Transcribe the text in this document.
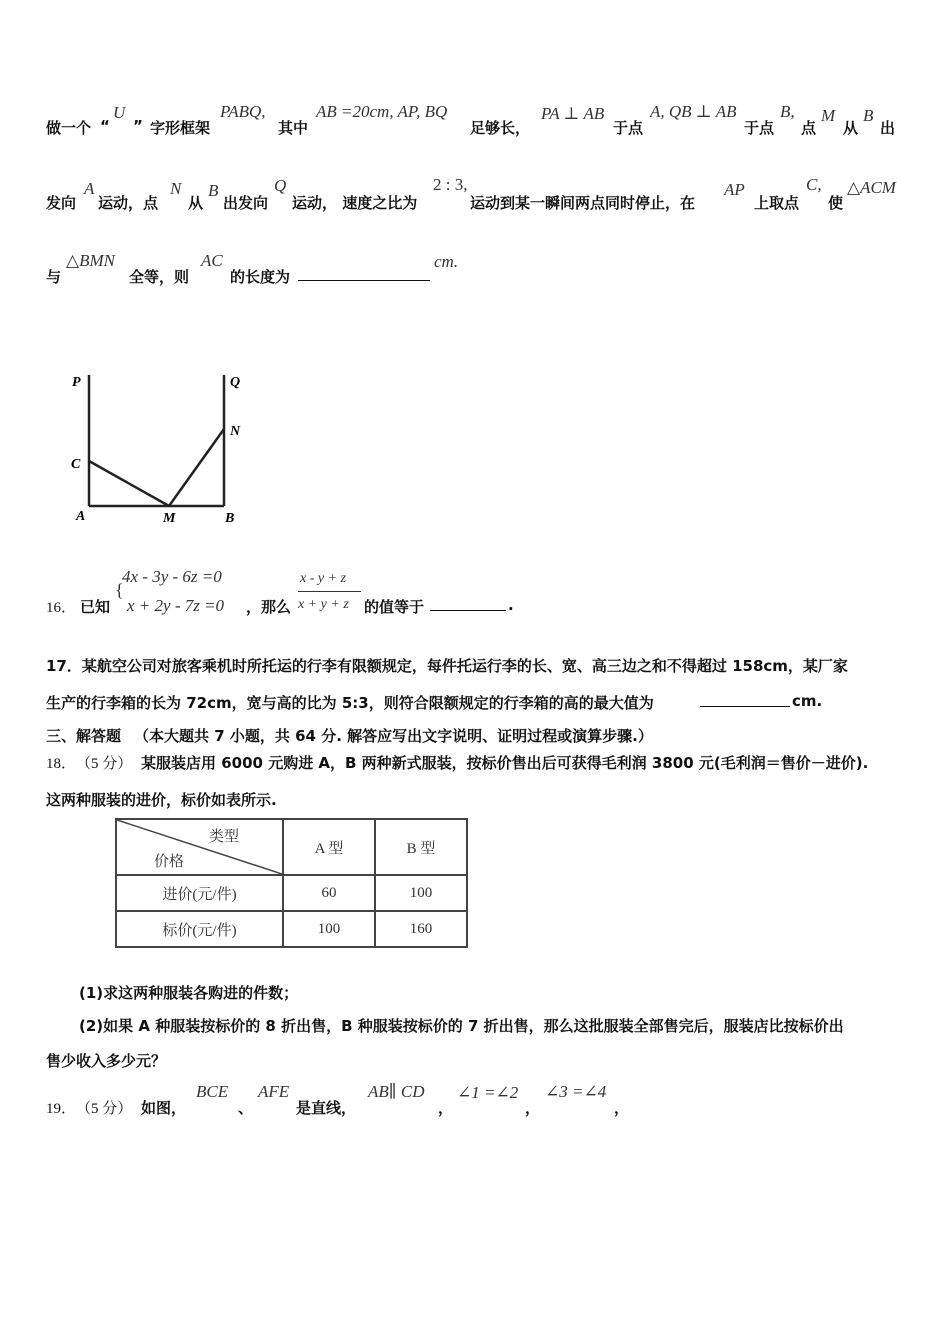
做一个 “
U
” 字形框架
PABQ,
其中
AB =20cm, AP, BQ
足够长，
PA ⊥ AB
于点
A, QB ⊥ AB
于点
B,
点
M
从
B
出
发向
A
运动，点
N
从
B
出发向
Q
运动， 速度之比为
2 : 3,
运动到某一瞬间两点同时停止，在
AP
上取点
C,
使
△ACM
与
△BMN
全等，则
AC
的长度为
cm.
P	Q
N
C
A	M	B
16． 已知
{
4x - 3y - 6z =0
x + 2y - 7z =0 ，那么
x - y + z
x + y + z 的值等于	.
17．某航空公司对旅客乘机时所托运的行李有限额规定，每件托运行李的长、宽、高三边之和不得超过 158cm，某厂家
生产的行李箱的长为 72cm，宽与高的比为 5:3，则符合限额规定的行李箱的高的最大值为	cm.
三、解答题 （本大题共 7 小题，共 64 分. 解答应写出文字说明、证明过程或演算步骤.）
18． （5 分） 某服装店用 6000 元购进 A，B 两种新式服装，按标价售出后可获得毛利润 3800 元(毛利润＝售价－进价).
这两种服装的进价，标价如表所示.
类型
价格	A 型	B 型
进价(元/件)	60	100
标价(元/件)	100	160
(1)求这两种服装各购进的件数；
(2)如果 A 种服装按标价的 8 折出售，B 种服装按标价的 7 折出售，那么这批服装全部售完后，服装店比按标价出
售少收入多少元？
19． （5 分） 如图，
BCE
、
AFE
是直线，
AB∥ CD
，
∠1 =∠2
，
∠3 =∠4
，
